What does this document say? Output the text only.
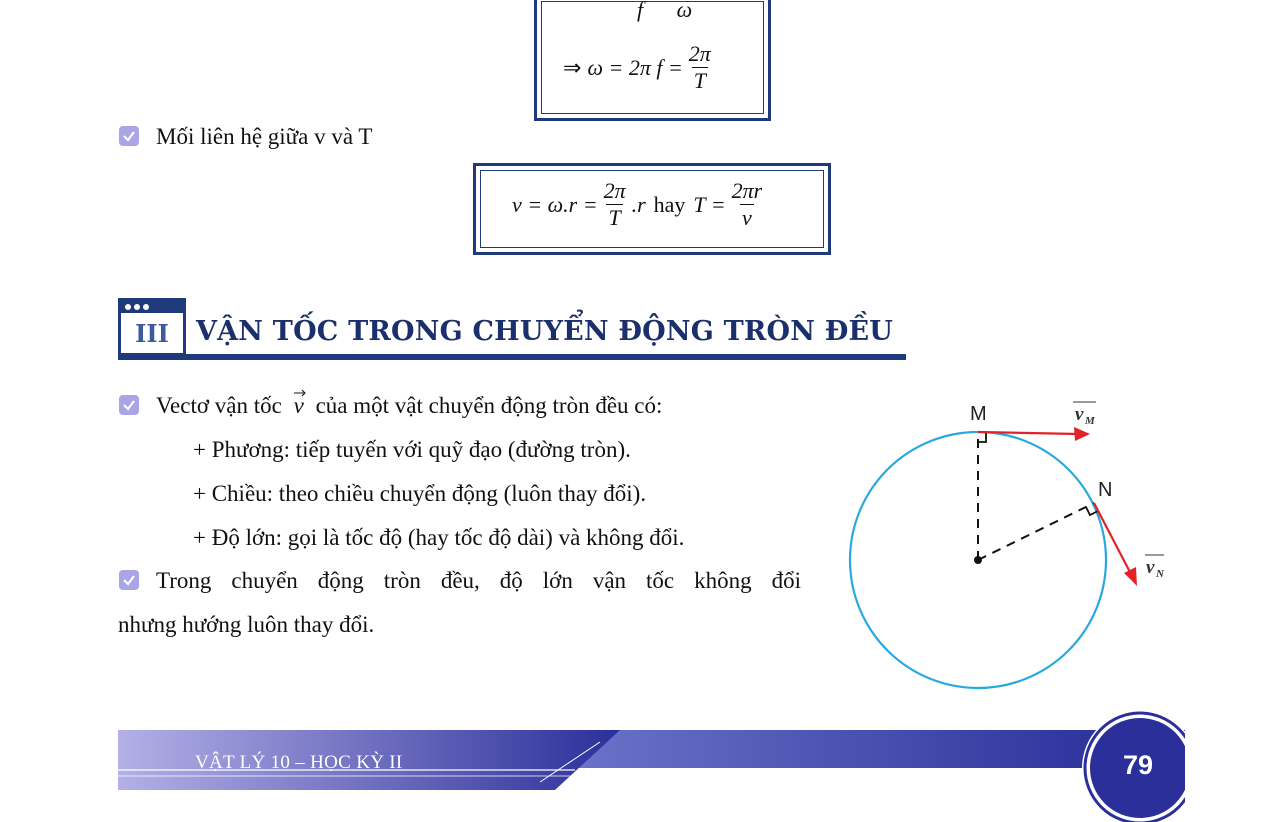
f ω
⇒ ω = 2π $f = \frac{2\pi}{T}$
Mối liên hệ giữa v và T
$v = \omega.r = \frac{2\pi}{T} .r$ hay $T = \frac{2\pi r}{v}$
III	VẬN TỐC TRONG CHUYỂN ĐỘNG TRÒN ĐỀU
Vectơ vận tốc v của một vật chuyển động tròn đều có:
+ Phương: tiếp tuyến với quỹ đạo (đường tròn).
+ Chiều: theo chiều chuyển động (luôn thay đổi).
+ Độ lớn: gọi là tốc độ (hay tốc độ dài) và không đổi.
Trong chuyển động tròn đều, độ lớn vận tốc không đổi
nhưng hướng luôn thay đổi.
M
N
v M
v N
VẬT LÝ 10 – HỌC KỲ II	79
